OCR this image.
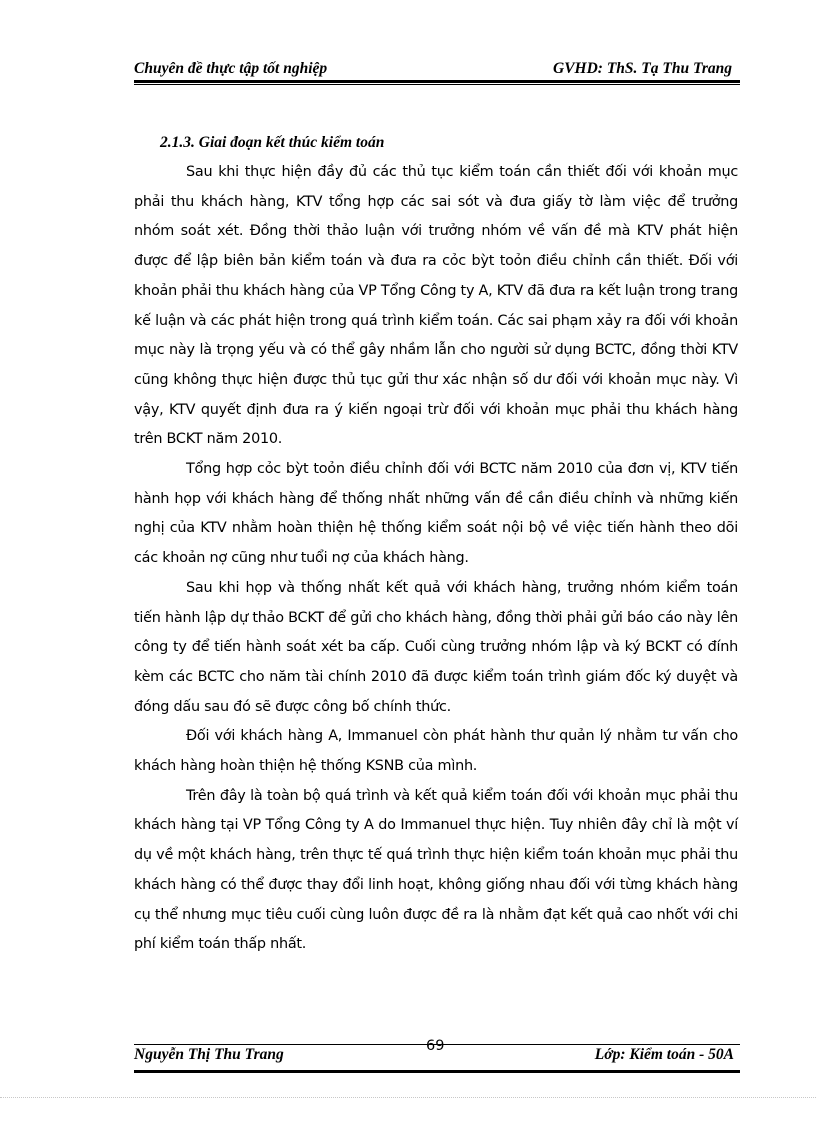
Chuyên đề thực tập tốt nghiệp	GVHD: ThS. Tạ Thu Trang
2.1.3. Giai đoạn kết thúc kiểm toán

Sau khi thực hiện đầy đủ các thủ tục kiểm toán cần thiết đối với khoản mục phải thu khách hàng, KTV tổng hợp các sai sót và đưa giấy tờ làm việc để trưởng nhóm soát xét. Đồng thời thảo luận với trưởng nhóm về vấn đề mà KTV phát hiện được để lập biên bản kiểm toán và đưa ra cỏc bỳt toỏn điều chỉnh cần thiết. Đối với khoản phải thu khách hàng của VP Tổng Công ty A, KTV đã đưa ra kết luận trong trang kế luận và các phát hiện trong quá trình kiểm toán. Các sai phạm xảy ra đối với khoản mục này là trọng yếu và có thể gây nhầm lẫn cho người sử dụng BCTC, đồng thời KTV cũng không thực hiện được thủ tục gửi thư xác nhận số dư đối với khoản mục này. Vì vậy, KTV quyết định đưa ra ý kiến ngoại trừ đối với khoản mục phải thu khách hàng trên BCKT năm 2010.

Tổng hợp cỏc bỳt toỏn điều chỉnh đối với BCTC năm 2010 của đơn vị, KTV tiến hành họp với khách hàng để thống nhất những vấn đề cần điều chỉnh và những kiến nghị của KTV nhằm hoàn thiện hệ thống kiểm soát nội bộ về việc tiến hành theo dõi các khoản nợ cũng như tuổi nợ của khách hàng.

Sau khi họp và thống nhất kết quả với khách hàng, trưởng nhóm kiểm toán tiến hành lập dự thảo BCKT để gửi cho khách hàng, đồng thời phải gửi báo cáo này lên công ty để tiến hành soát xét ba cấp. Cuối cùng trưởng nhóm lập và ký BCKT có đính kèm các BCTC cho năm tài chính 2010 đã được kiểm toán trình giám đốc ký duyệt và đóng dấu sau đó sẽ được công bố chính thức.

Đối với khách hàng A, Immanuel còn phát hành thư quản lý nhằm tư vấn cho khách hàng hoàn thiện hệ thống KSNB của mình.

Trên đây là toàn bộ quá trình và kết quả kiểm toán đối với khoản mục phải thu khách hàng tại VP Tổng Công ty A do Immanuel thực hiện. Tuy nhiên đây chỉ là một ví dụ về một khách hàng, trên thực tế quá trình thực hiện kiểm toán khoản mục phải thu khách hàng có thể được thay đổi linh hoạt, không giống nhau đối với từng khách hàng cụ thể nhưng mục tiêu cuối cùng luôn được đề ra là nhằm đạt kết quả cao nhốt với chi phí kiểm toán thấp nhất.

Nguyễn Thị Thu Trang	69	Lớp: Kiểm toán - 50A
